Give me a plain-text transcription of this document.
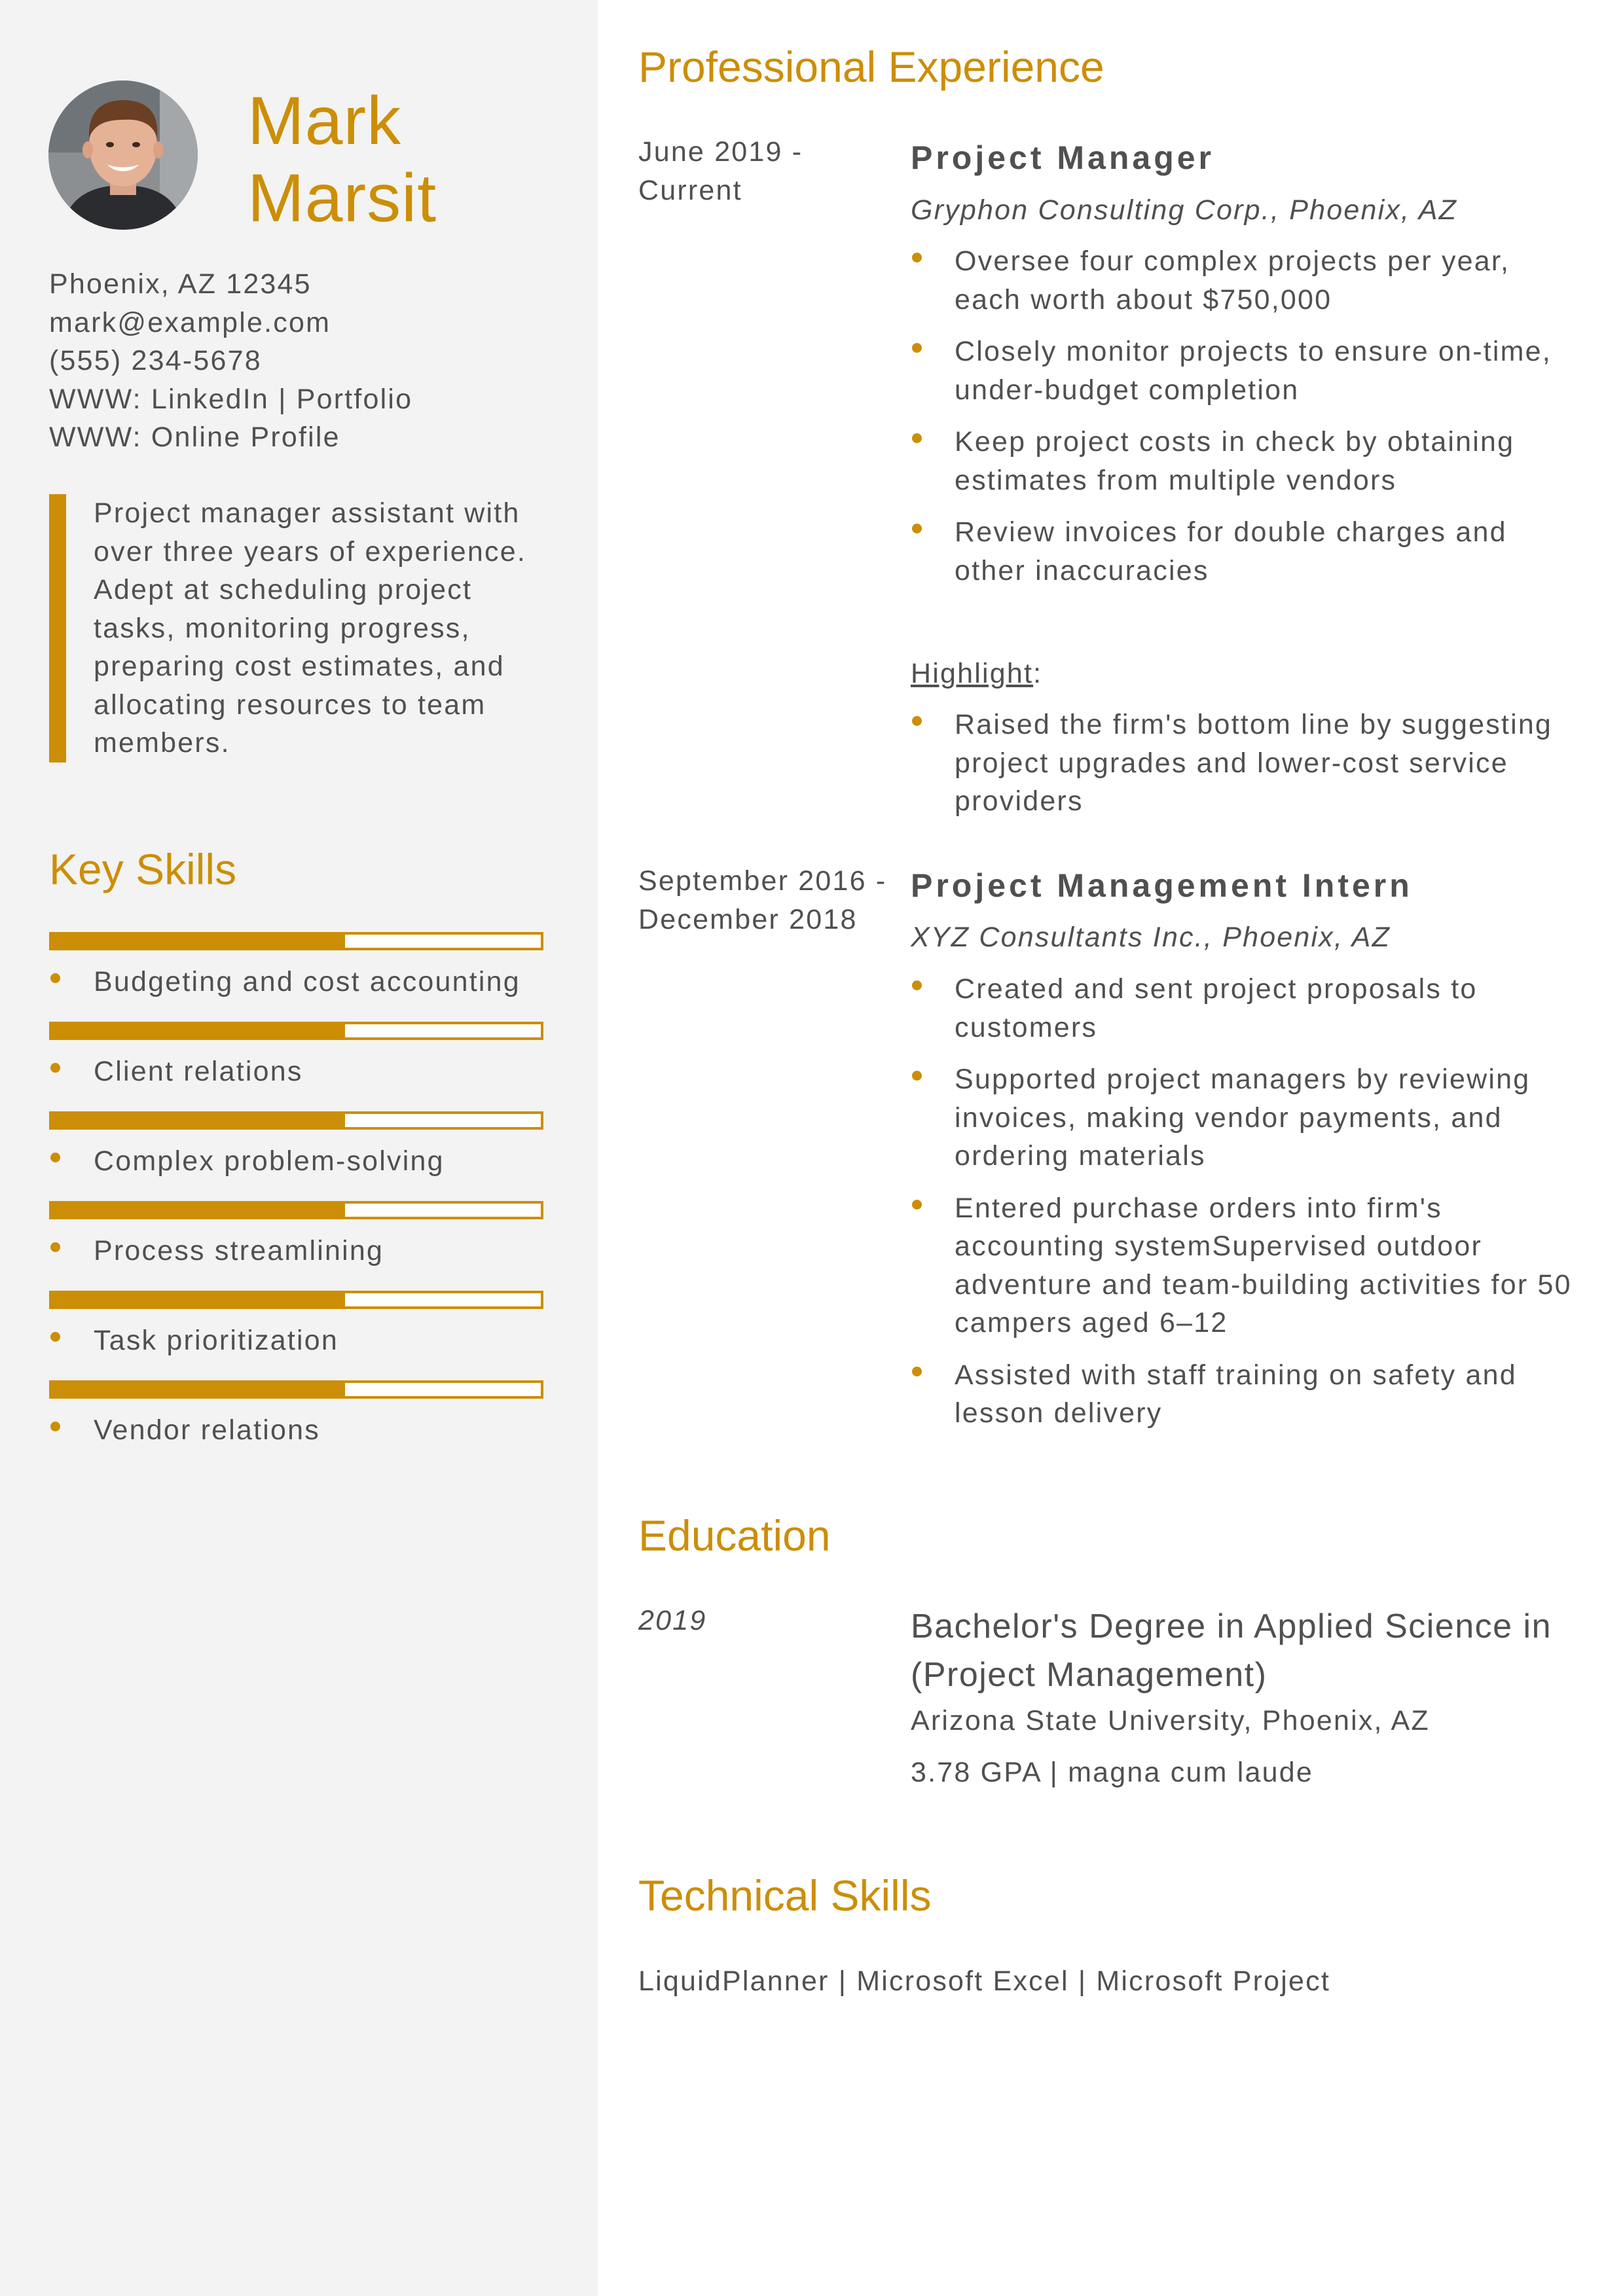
Mark
Marsit
Phoenix, AZ 12345
mark@example.com
(555) 234-5678
WWW: LinkedIn | Portfolio
WWW: Online Profile
Project manager assistant with over three years of experience. Adept at scheduling project tasks, monitoring progress, preparing cost estimates, and allocating resources to team members.
Key Skills
Budgeting and cost accounting
Client relations
Complex problem-solving
Process streamlining
Task prioritization
Vendor relations
Professional Experience
June 2019 - Current
Project Manager
Gryphon Consulting Corp., Phoenix, AZ
Oversee four complex projects per year, each worth about $750,000
Closely monitor projects to ensure on-time, under-budget completion
Keep project costs in check by obtaining estimates from multiple vendors
Review invoices for double charges and other inaccuracies
Highlight:
Raised the firm's bottom line by suggesting project upgrades and lower-cost service providers
September 2016 - December 2018
Project Management Intern
XYZ Consultants Inc., Phoenix, AZ
Created and sent project proposals to customers
Supported project managers by reviewing invoices, making vendor payments, and ordering materials
Entered purchase orders into firm's accounting systemSupervised outdoor adventure and team-building activities for 50 campers aged 6–12
Assisted with staff training on safety and lesson delivery
Education
2019	Bachelor's Degree in Applied Science in (Project Management)
Arizona State University, Phoenix, AZ
3.78 GPA | magna cum laude
Technical Skills
LiquidPlanner | Microsoft Excel | Microsoft Project
